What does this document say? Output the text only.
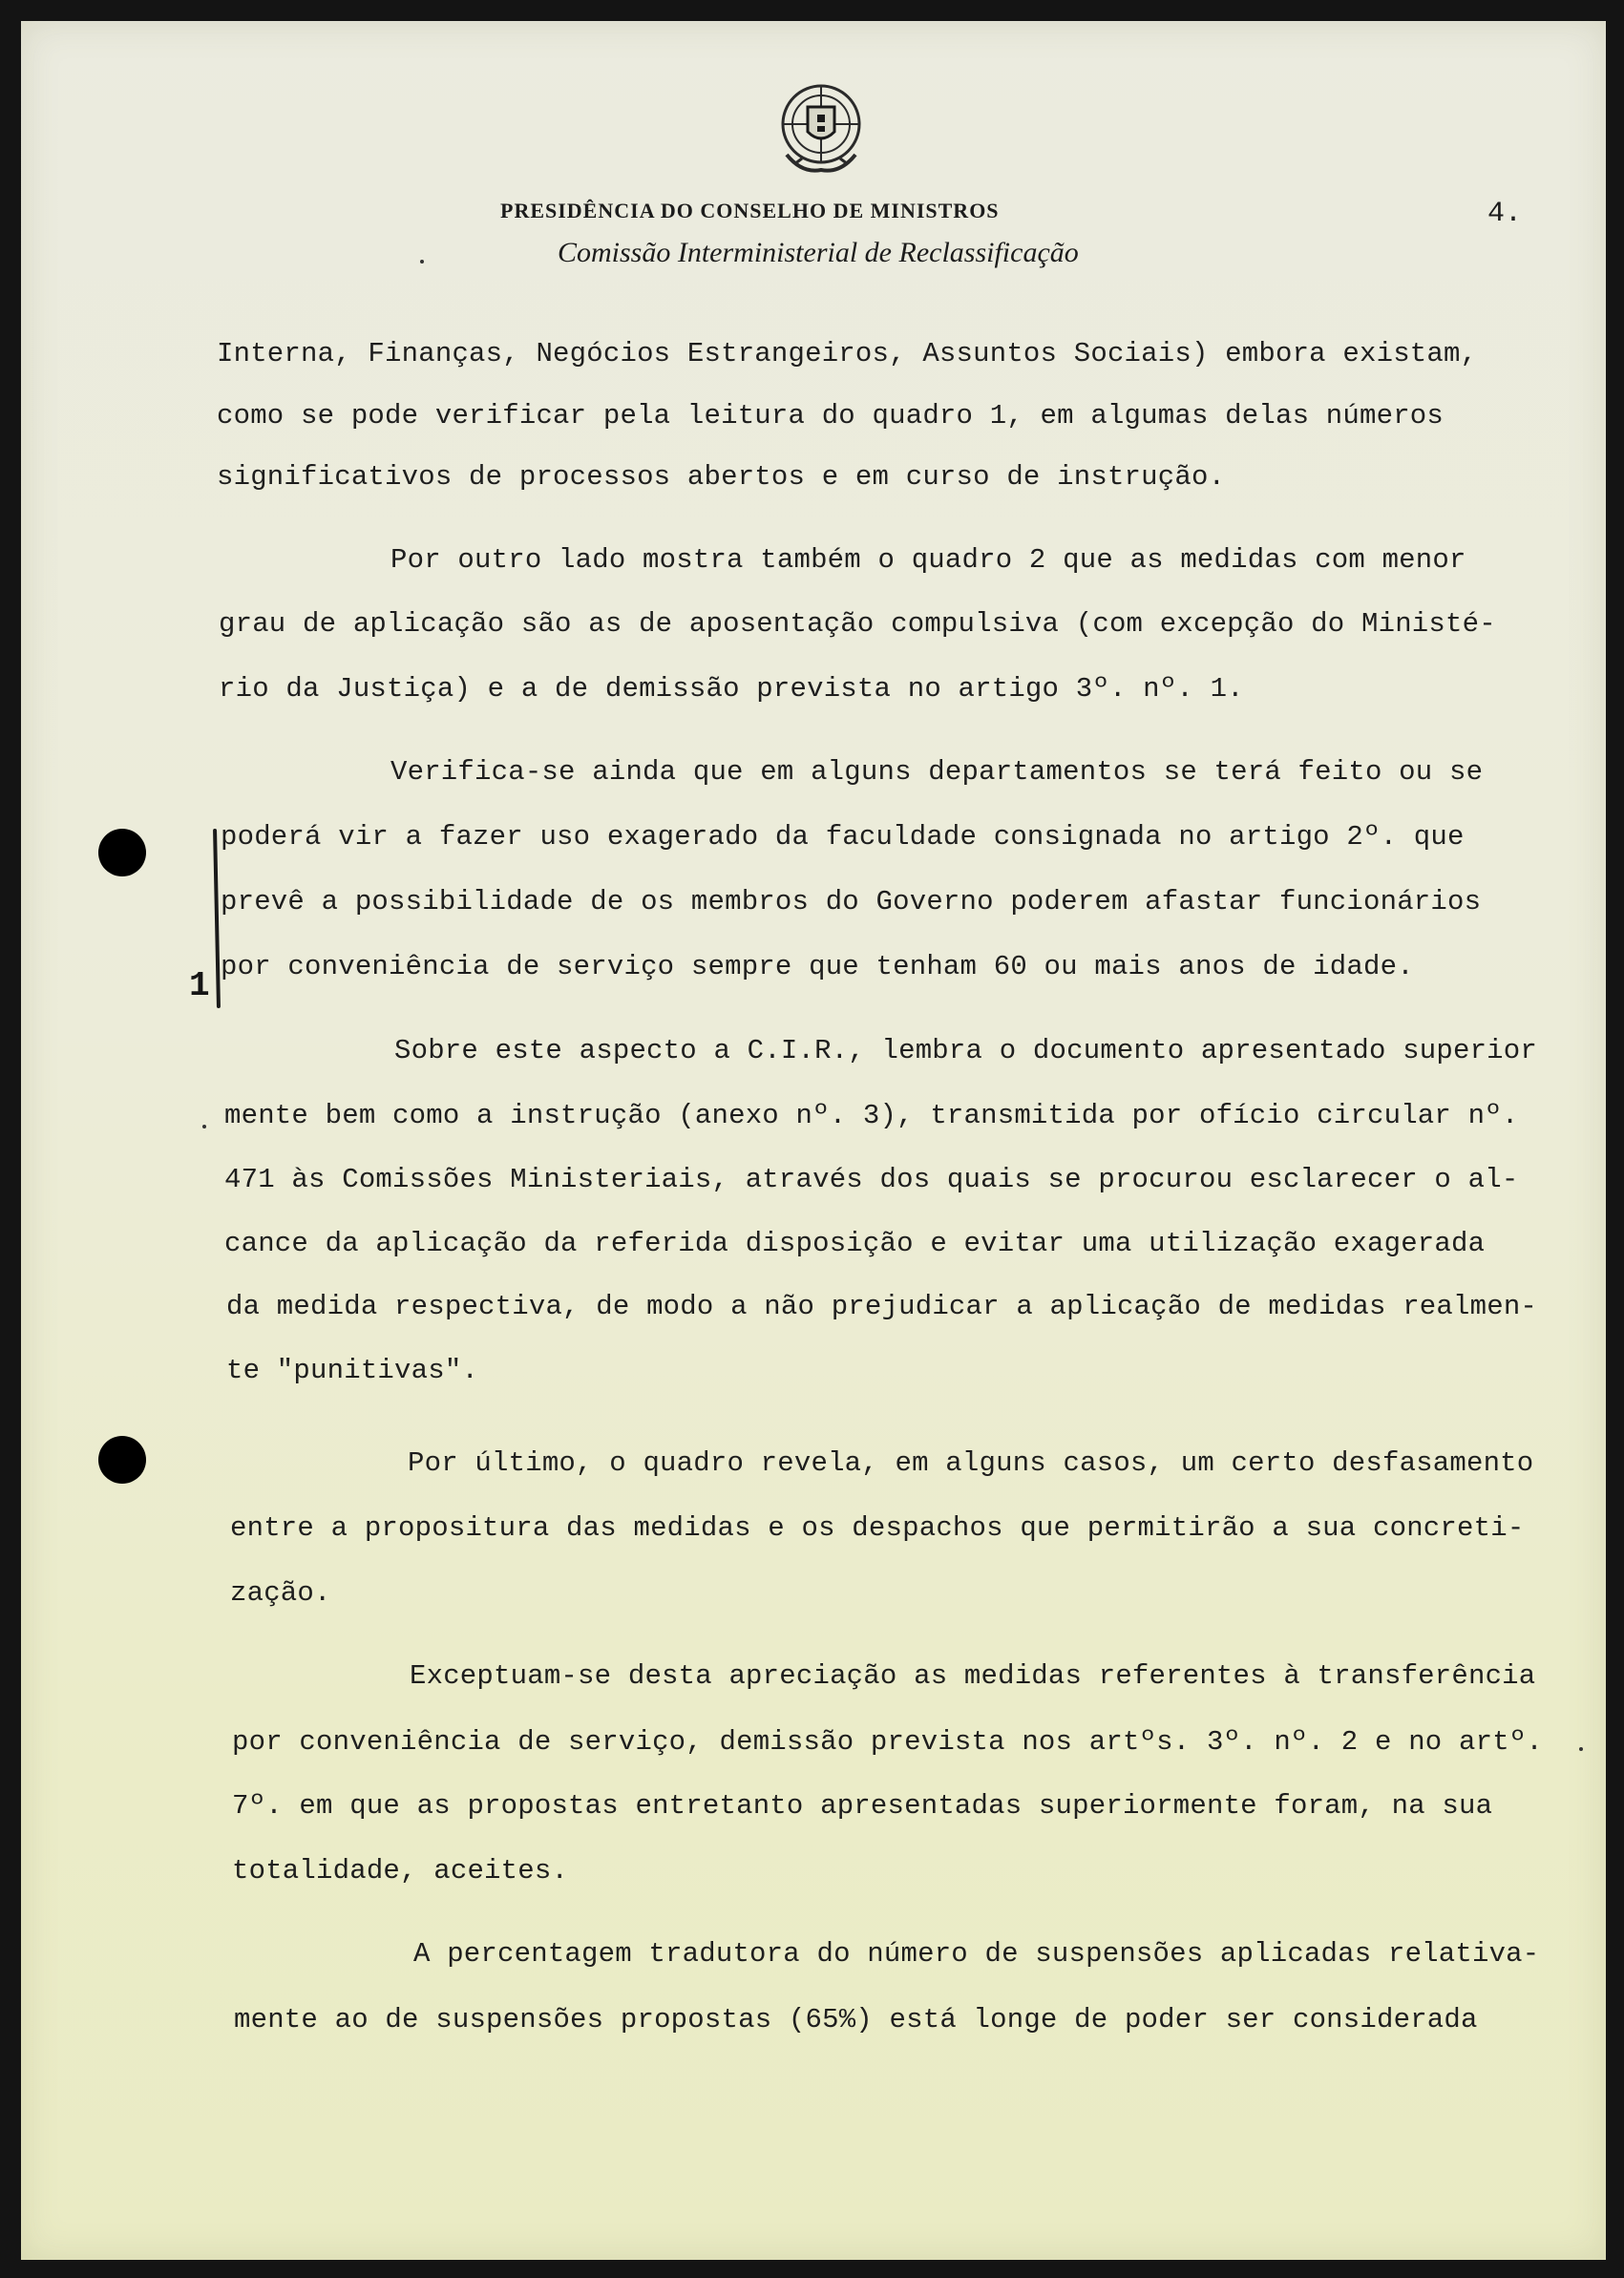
PRESIDÊNCIA DO CONSELHO DE MINISTROS
Comissão Interministerial de Reclassificação
4.
Interna, Finanças, Negócios Estrangeiros, Assuntos Sociais) embora existam,
como se pode verificar pela leitura do quadro 1, em algumas delas números
significativos de processos abertos e em curso de instrução.
Por outro lado mostra também o quadro 2 que as medidas com menor
grau de aplicação são as de aposentação compulsiva (com excepção do Ministé-
rio da Justiça) e a de demissão prevista no artigo 3º. nº. 1.
Verifica-se ainda que em alguns departamentos se terá feito ou se
poderá vir a fazer uso exagerado da faculdade consignada no artigo 2º. que
prevê a possibilidade de os membros do Governo poderem afastar funcionários
por conveniência de serviço sempre que tenham 60 ou mais anos de idade.
Sobre este aspecto a C.I.R., lembra o documento apresentado superior
mente bem como a instrução (anexo nº. 3), transmitida por ofício circular nº.
471 às Comissões Ministeriais, através dos quais se procurou esclarecer o al-
cance da aplicação da referida disposição e evitar uma utilização exagerada
da medida respectiva, de modo a não prejudicar a aplicação de medidas realmen-
te "punitivas".
Por último, o quadro revela, em alguns casos, um certo desfasamento
entre a propositura das medidas e os despachos que permitirão a sua concreti-
zação.
Exceptuam-se desta apreciação as medidas referentes à transferência
por conveniência de serviço, demissão prevista nos artºs. 3º. nº. 2 e no artº.
7º. em que as propostas entretanto apresentadas superiormente foram, na sua
totalidade, aceites.
A percentagem tradutora do número de suspensões aplicadas relativa-
mente ao de suspensões propostas (65%) está longe de poder ser considerada
1
